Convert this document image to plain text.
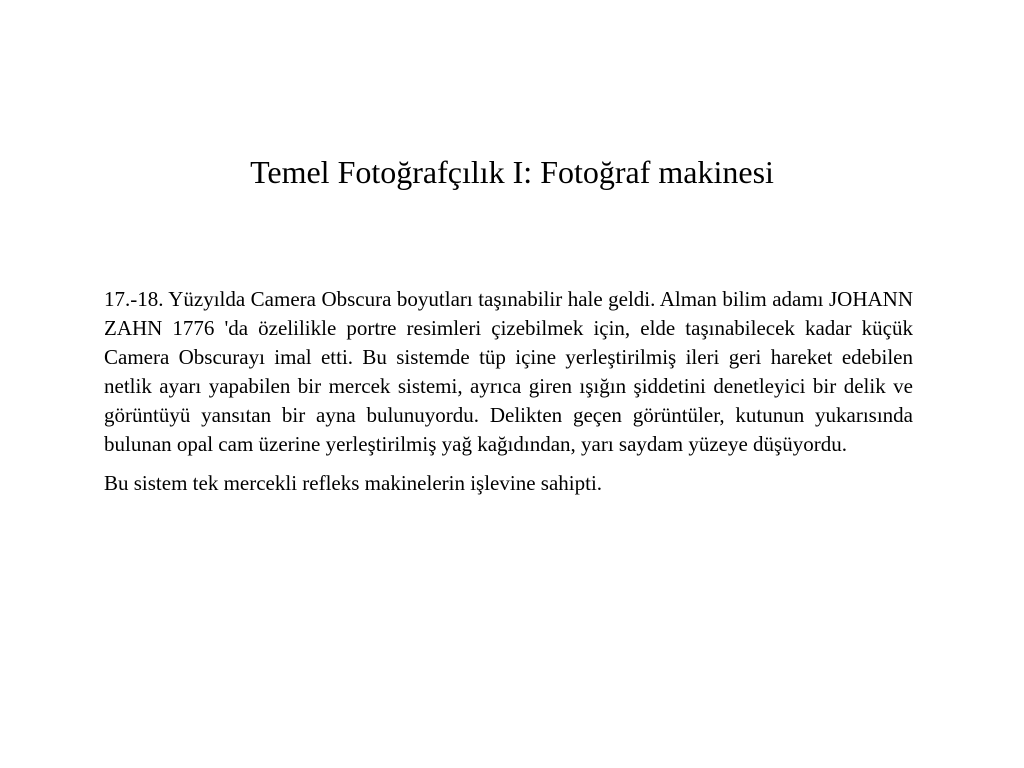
Temel Fotoğrafçılık I: Fotoğraf makinesi

17.-18. Yüzyılda Camera Obscura boyutları taşınabilir hale geldi. Alman bilim adamı JOHANN ZAHN 1776 'da özelilikle portre resimleri çizebilmek için, elde taşınabilecek kadar küçük Camera Obscurayı imal etti. Bu sistemde tüp içine yerleştirilmiş ileri geri hareket edebilen netlik ayarı yapabilen bir mercek sistemi, ayrıca giren ışığın şiddetini denetleyici bir delik ve görüntüyü yansıtan bir ayna bulunuyordu. Delikten geçen görüntüler, kutunun yukarısında bulunan opal cam üzerine yerleştirilmiş yağ kağıdından, yarı saydam yüzeye düşüyordu.

Bu sistem tek mercekli refleks makinelerin işlevine sahipti.
